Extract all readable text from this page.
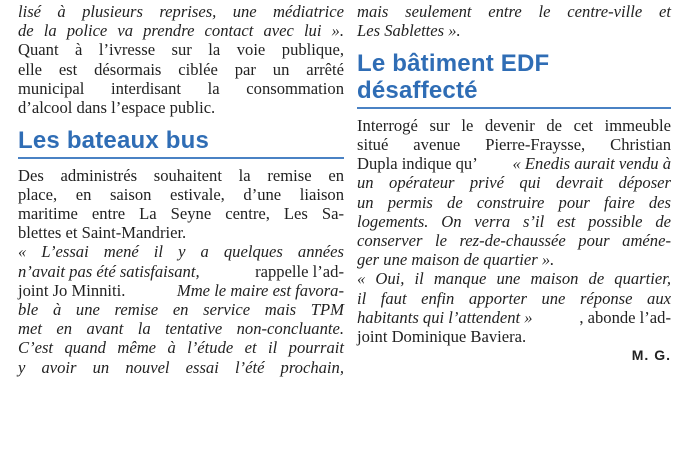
lisé à plusieurs reprises, une médiatrice
de la police va prendre contact avec lui ».
Quant à l’ivresse sur la voie publique,
elle est désormais ciblée par un arrêté
municipal interdisant la consommation
d’alcool dans l’espace public.
Les bateaux bus
Des administrés souhaitent la remise en
place, en saison estivale, d’une liaison
maritime entre La Seyne centre, Les Sa-
blettes et Saint-Mandrier.
« L’essai mené il y a quelques années
n’avait pas été satisfaisant,	rappelle l’ad-
joint Jo Minniti.	Mme le maire est favora-
ble à une remise en service mais TPM
met en avant la tentative non-concluante.
C’est quand même à l’étude et il pourrait
y avoir un nouvel essai l’été prochain,
mais seulement entre le centre-ville et
Les Sablettes ».
Le bâtiment EDF
désaffecté
Interrogé sur le devenir de cet immeuble
situé avenue Pierre-Fraysse, Christian
Dupla indique qu’ « Enedis aurait vendu à
un opérateur privé qui devrait déposer
un permis de construire pour faire des
logements. On verra s’il est possible de
conserver le rez-de-chaussée pour améne-
ger une maison de quartier ».
« Oui, il manque une maison de quartier,
il faut enfin apporter une réponse aux
habitants qui l’attendent »	, abonde l’ad-
joint Dominique Baviera.
M. G.
